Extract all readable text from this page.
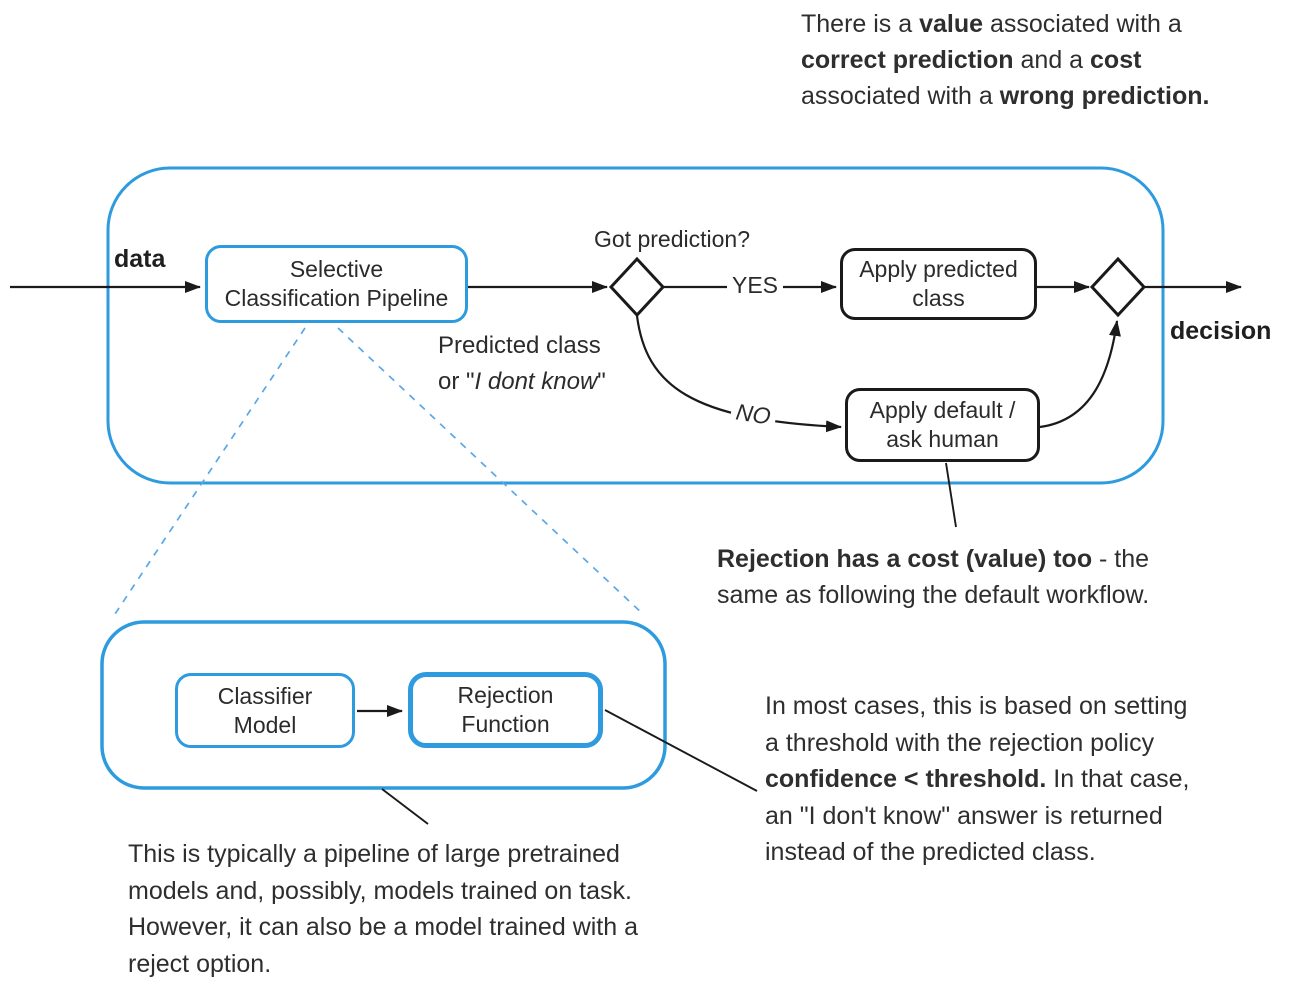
Selective
Classification Pipeline
Apply predicted
class
Apply default /
ask human
Classifier
Model
Rejection
Function
data
decision
Got prediction?
YES
NO
Predicted class
or "I dont know"
There is a value associated with a
correct prediction and a cost
associated with a wrong prediction.
Rejection has a cost (value) too - the
same as following the default workflow.
In most cases, this is based on setting
a threshold with the rejection policy
confidence < threshold. In that case,
an "I don't know" answer is returned
instead of the predicted class.
This is typically a pipeline of large pretrained
models and, possibly, models trained on task.
However, it can also be a model trained with a
reject option.
